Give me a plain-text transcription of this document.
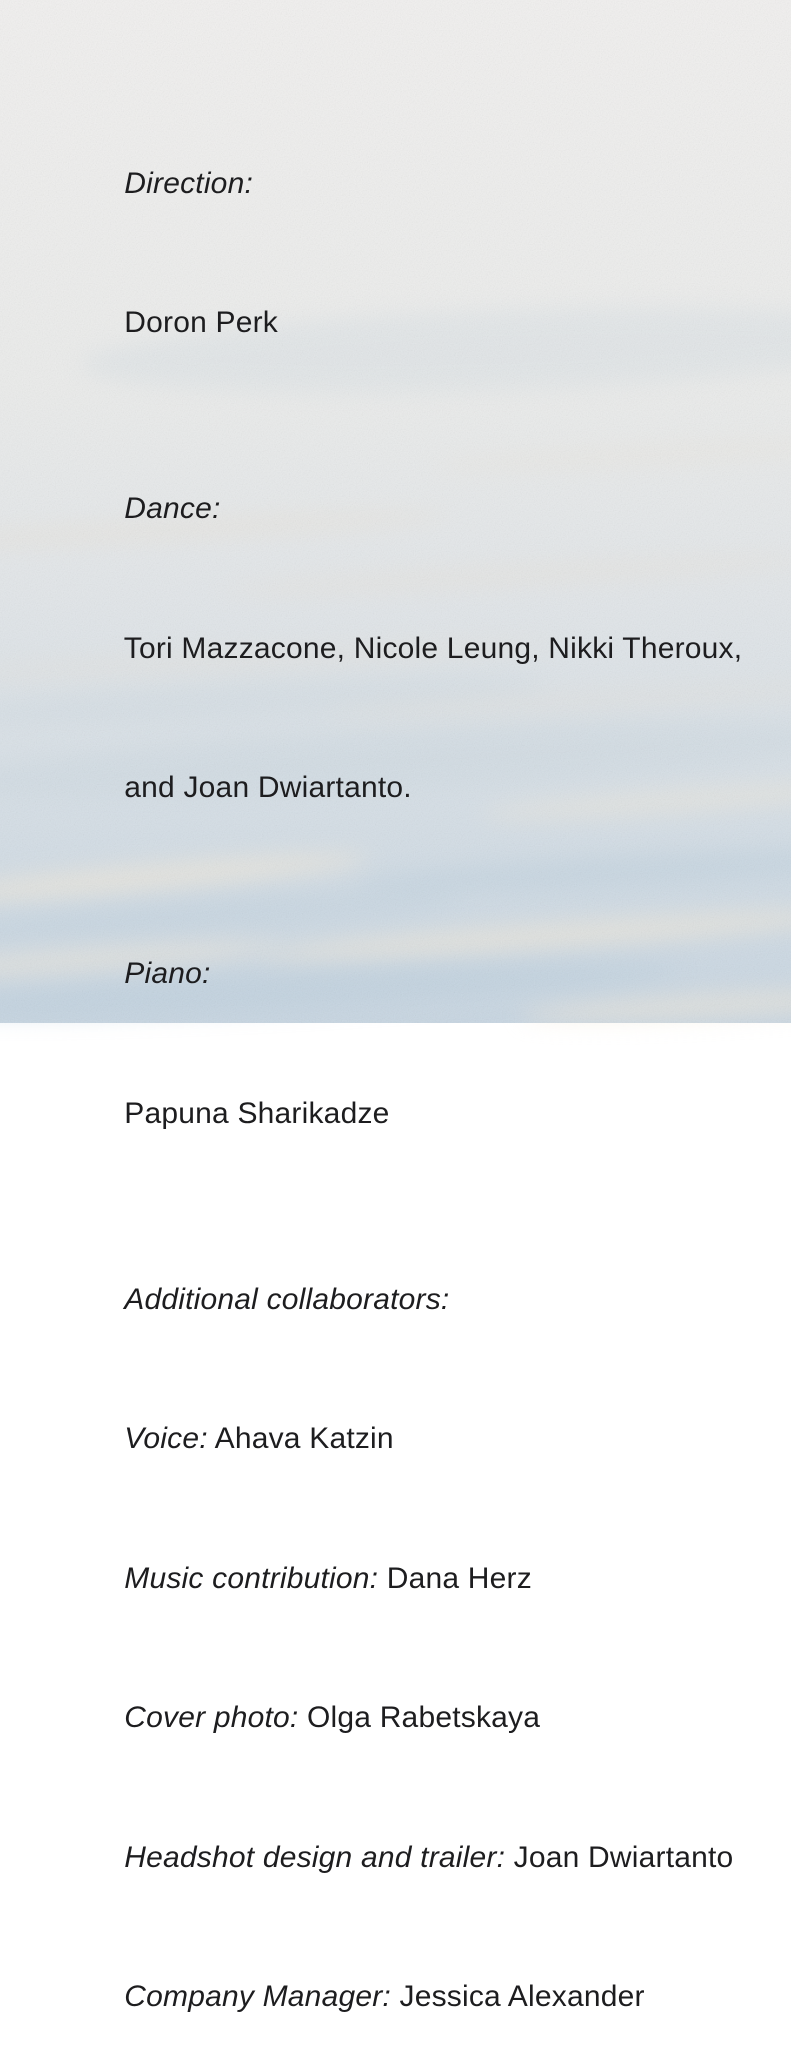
Direction:

Doron Perk

Dance:

Tori Mazzacone, Nicole Leung, Nikki Theroux,

and Joan Dwiartanto.

Piano:

Papuna Sharikadze

Additional collaborators:

Voice: Ahava Katzin

Music contribution: Dana Herz

Cover photo: Olga Rabetskaya

Headshot design and trailer: Joan Dwiartanto

Company Manager: Jessica Alexander
